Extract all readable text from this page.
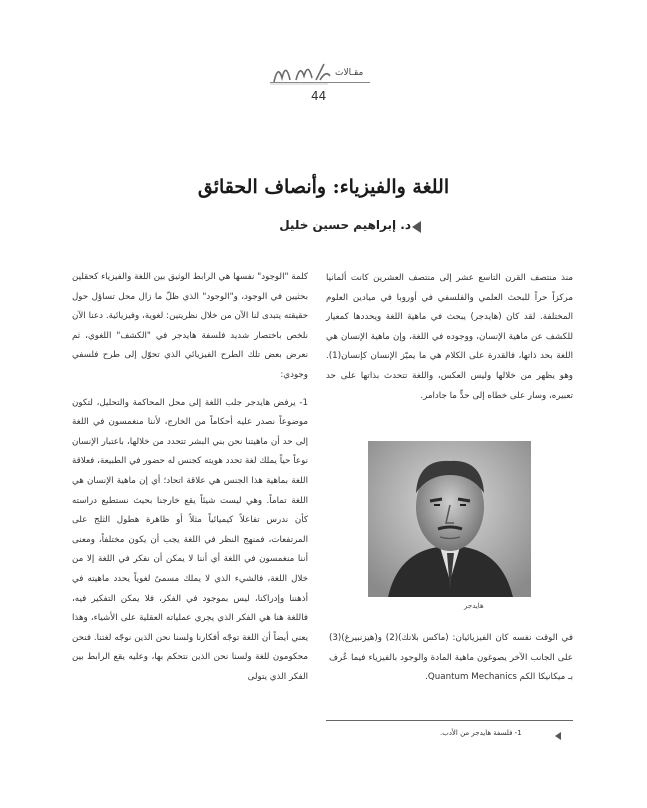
مقـالات
44
اللغة والفيزياء: وأنصاف الحقائق
د. إبراهيم حسين خليل

كلمة "الوجود" نفسها هي الرابط الوثيق بين اللغة والفيزياء كحقلين بحثيين في الوجود، و"الوجود" الذي ظلّ ما زال محل تساؤل حول حقيقته يتبدى لنا الآن من خلال نظريتين: لغوية، وفيزيائية. دعنا الآن نلخص باختصار شديد فلسفة هايدجر في "الكشف" اللغوي، ثم نعرض بعض تلك الطرح الفيزيائي الذي تحوّل إلى طرح فلسفي وجودي:

1- يرفض هايدجر جلب اللغة إلى محل المحاكمة والتحليل، لتكون موضوعاً نصدر عليه أحكاماً من الخارج، لأننا منغمسون في اللغة إلى حد أن ماهيتنا نحن بني البشر تتحدد من خلالها، باعتبار الإنسان نوعاً حياً يملك لغة تحدد هويته كجنس له حضور في الطبيعة، فعلاقة اللغة بماهية هذا الجنس هي علاقة اتحاد؛ أي إن ماهية الإنسان هي اللغة تماماً. وهي ليست شيئاً يقع خارجنا بحيث نستطيع دراسته كأن ندرس تفاعلاً كيميائياً مثلاً أو ظاهرة هطول الثلج على المرتفعات، فمنهج النظر في اللغة يجب أن يكون مختلفاً، ومعنى أننا منغمسون في اللغة أي أننا لا يمكن أن نفكر في اللغة إلا من خلال اللغة، فالشيء الذي لا يملك مسمىً لغوياً يحدد ماهيته في أذهننا وإدراكنا، ليس بموجود في الفكر، فلا يمكن التفكير فيه، فاللغة هنا هي الفكر الذي يجري عملياته العقلية على الأشياء، وهذا يعني أيضاً أن اللغة توجّه أفكارنا ولسنا نحن الذين نوجّه لغتنا. فنحن محكومون للغة ولسنا نحن الذين نتحكم بها، وعليه يقع الرابط بين الفكر الذي يتولى

منذ منتصف القرن التاسع عشر إلى منتصف العشرين كانت ألمانيا مركزاً حراً للبحث العلمي والفلسفي في أوروبا في ميادين العلوم المختلفة. لقد كان (هايدجر) يبحث في ماهية اللغة ويحددها كمعيار للكشف عن ماهية الإنسان، ووجوده في اللغة، وإن ماهية الإنسان هي اللغة بحد ذاتها، فالقدرة على الكلام هي ما يميّز الإنسان كإنسان(1). وهو يظهر من خلالها وليس العكس، واللغة تتحدث بذاتها على حد تعبيره، وسار على خطاه إلى حدٍّ ما جادامر.

هايدجر

في الوقت نفسه كان الفيزيائيان: (ماكس بلانك)(2) و(هيزنبيرغ)(3) على الجانب الآخر يصوغون ماهية المادة والوجود بالفيزياء فيما عُرف بـ ميكانيكا الكم Quantum Mechanics.

1- فلسفة هايدجر من الأدب.
